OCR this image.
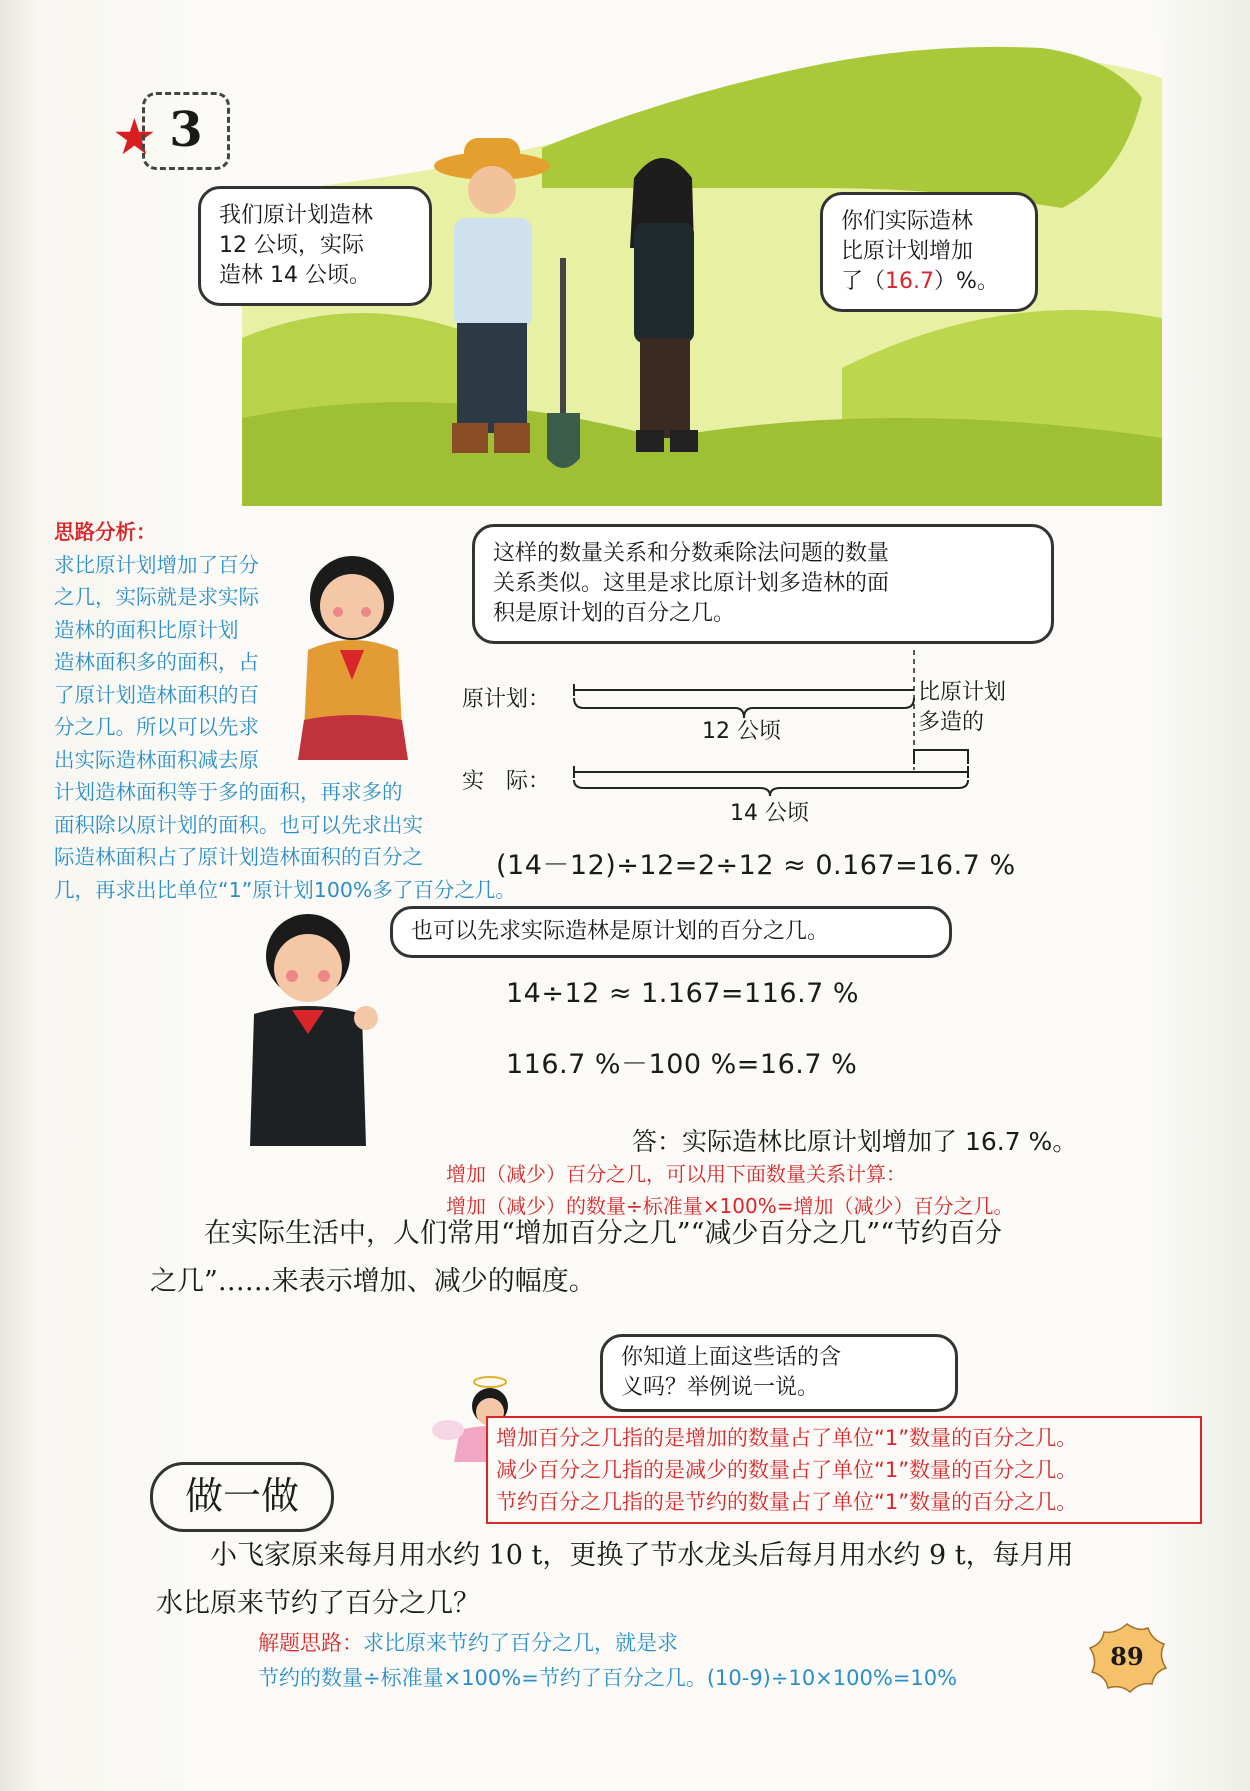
★ 3
我们原计划造林
12 公顷，实际
造林 14 公顷。
你们实际造林
比原计划增加
了（16.7）%。
思路分析：
求比原计划增加了百分
之几，实际就是求实际
造林的面积比原计划
造林面积多的面积，占
了原计划造林面积的百
分之几。所以可以先求
出实际造林面积减去原
计划造林面积等于多的面积，再求多的
面积除以原计划的面积。也可以先求出实
际造林面积占了原计划造林面积的百分之
几，再求出比单位“1”原计划100%多了百分之几。
这样的数量关系和分数乘除法问题的数量
关系类似。这里是求比原计划多造林的面
积是原计划的百分之几。
原计划：
实　际：
12 公顷
14 公顷
比原计划
多造的
(14－12)÷12=2÷12 ≈ 0.167=16.7 %
也可以先求实际造林是原计划的百分之几。
14÷12 ≈ 1.167=116.7 %
116.7 %－100 %=16.7 %
答：实际造林比原计划增加了 16.7 %。
增加（减少）百分之几，可以用下面数量关系计算：
增加（减少）的数量÷标准量×100%=增加（减少）百分之几。
在实际生活中，人们常用“增加百分之几”“减少百分之几”“节约百分
之几”……来表示增加、减少的幅度。
你知道上面这些话的含
义吗？举例说一说。
增加百分之几指的是增加的数量占了单位“1”数量的百分之几。
减少百分之几指的是减少的数量占了单位“1”数量的百分之几。
节约百分之几指的是节约的数量占了单位“1”数量的百分之几。
做一做
小飞家原来每月用水约 10 t，更换了节水龙头后每月用水约 9 t，每月用
水比原来节约了百分之几？
解题思路：求比原来节约了百分之几，就是求
节约的数量÷标准量×100%=节约了百分之几。(10-9)÷10×100%=10%
89
